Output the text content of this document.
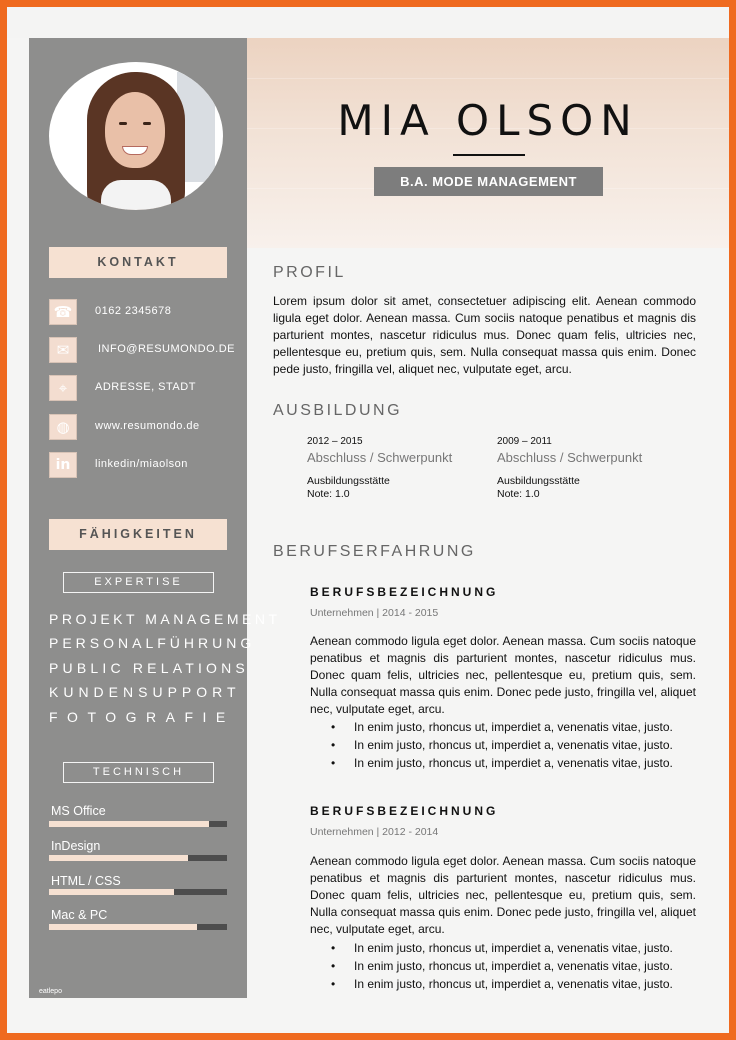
KONTAKT
☎	0162 2345678
✉	INFO@RESUMONDO.DE
⌖	ADRESSE, STADT
◍	www.resumondo.de
in	linkedin/miaolson
FÄHIGKEITEN
EXPERTISE
PROJEKT MANAGEMENT
PERSONALFÜHRUNG
PUBLIC RELATIONS
KUNDENSUPPORT
FOTOGRAFIE
TECHNISCH
MS Office
InDesign
HTML / CSS
Mac & PC
eatlepo
MIA OLSON
B.A. MODE MANAGEMENT
PROFIL
Lorem ipsum dolor sit amet, consectetuer adipiscing elit. Aenean commodo ligula eget dolor. Aenean massa. Cum sociis natoque penatibus et magnis dis parturient montes, nascetur ridiculus mus. Donec quam felis, ultricies nec, pellentesque eu, pretium quis, sem. Nulla consequat massa quis enim. Donec pede justo, fringilla vel, aliquet nec, vulputate eget, arcu.
AUSBILDUNG
2012 – 2015
Abschluss / Schwerpunkt
Ausbildungsstätte
Note: 1.0
2009 – 2011
Abschluss / Schwerpunkt
Ausbildungsstätte
Note: 1.0
BERUFSERFAHRUNG
BERUFSBEZEICHNUNG
Unternehmen | 2014 - 2015
Aenean commodo ligula eget dolor. Aenean massa. Cum sociis natoque penatibus et magnis dis parturient montes, nascetur ridiculus mus. Donec quam felis, ultricies nec, pellentesque eu, pretium quis, sem. Nulla consequat massa quis enim. Donec pede justo, fringilla vel, aliquet nec, vulputate eget, arcu.
• In enim justo, rhoncus ut, imperdiet a, venenatis vitae, justo.
• In enim justo, rhoncus ut, imperdiet a, venenatis vitae, justo.
• In enim justo, rhoncus ut, imperdiet a, venenatis vitae, justo.
BERUFSBEZEICHNUNG
Unternehmen | 2012 - 2014
Aenean commodo ligula eget dolor. Aenean massa. Cum sociis natoque penatibus et magnis dis parturient montes, nascetur ridiculus mus. Donec quam felis, ultricies nec, pellentesque eu, pretium quis, sem. Nulla consequat massa quis enim. Donec pede justo, fringilla vel, aliquet nec, vulputate eget, arcu.
• In enim justo, rhoncus ut, imperdiet a, venenatis vitae, justo.
• In enim justo, rhoncus ut, imperdiet a, venenatis vitae, justo.
• In enim justo, rhoncus ut, imperdiet a, venenatis vitae, justo.
